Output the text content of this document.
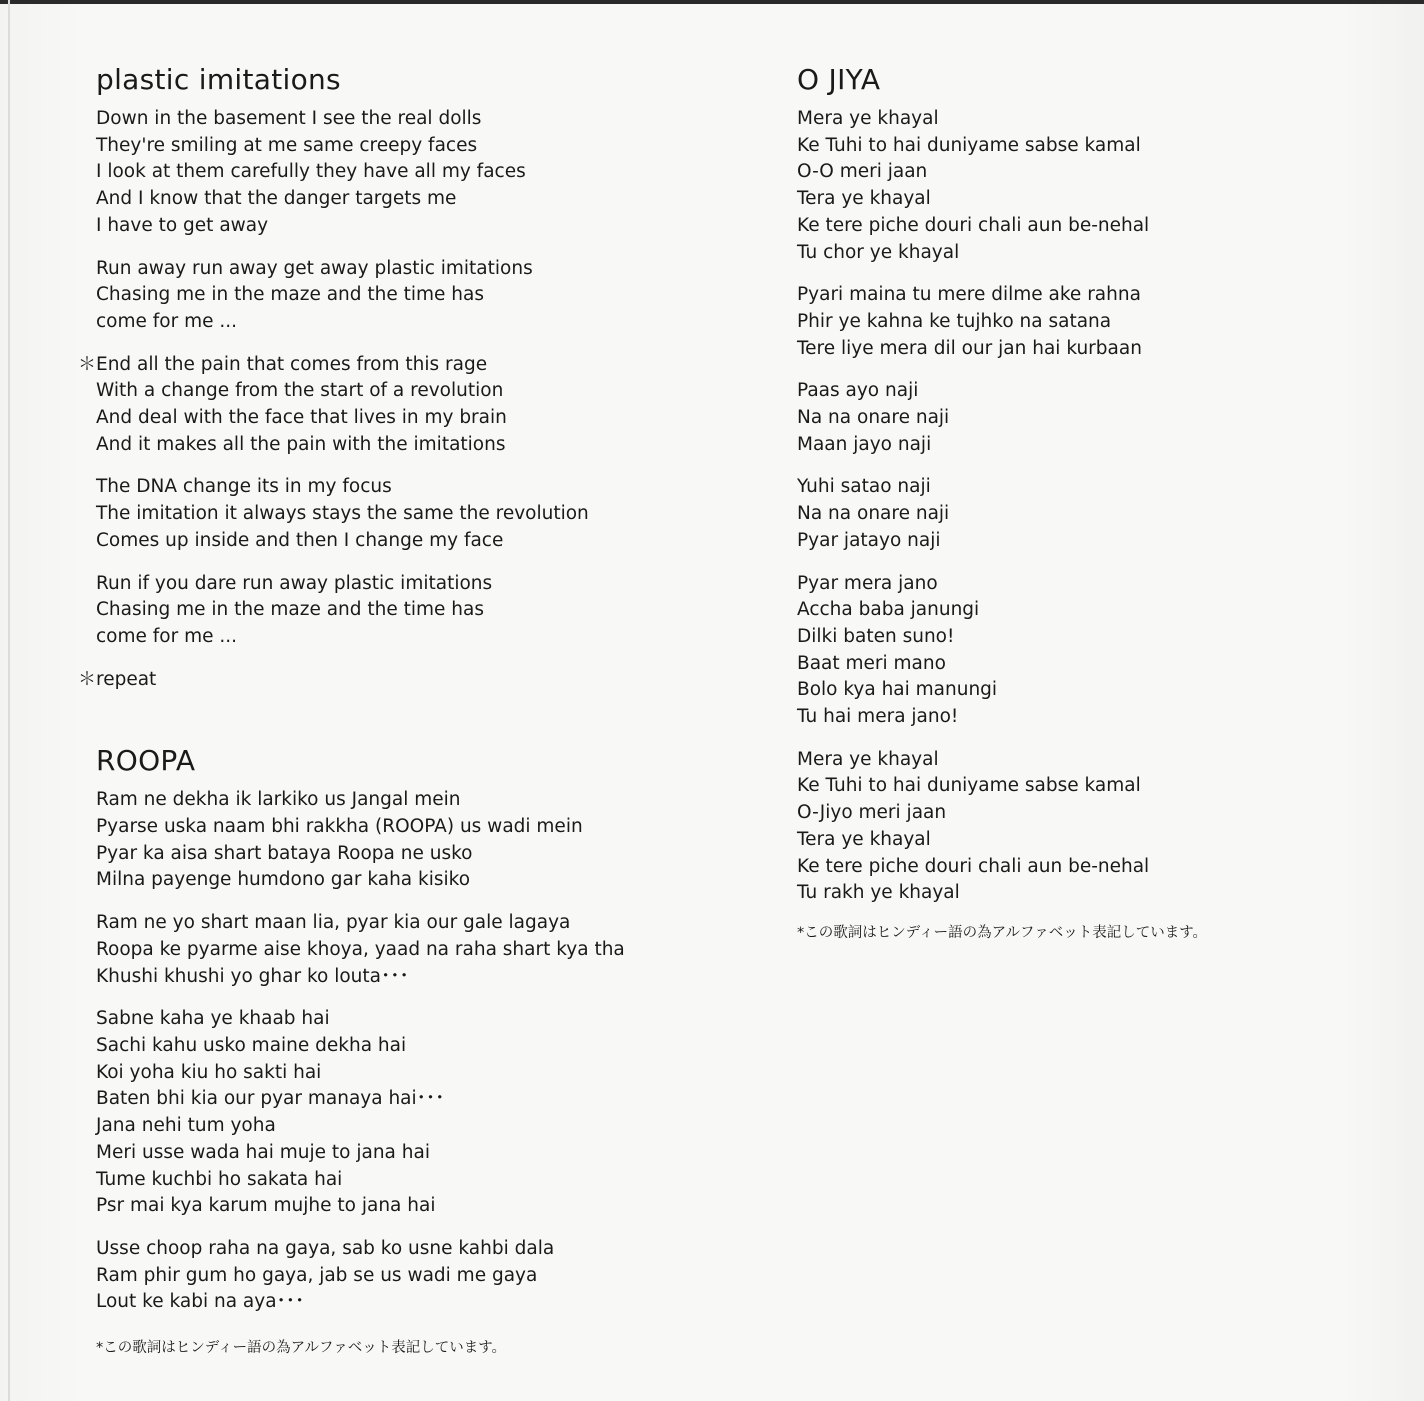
plastic imitations
Down in the basement I see the real dolls
They're smiling at me same creepy faces
I look at them carefully they have all my faces
And I know that the danger targets me
I have to get away
Run away run away get away plastic imitations
Chasing me in the maze and the time has
come for me ...
＊ End all the pain that comes from this rage
With a change from the start of a revolution
And deal with the face that lives in my brain
And it makes all the pain with the imitations
The DNA change its in my focus
The imitation it always stays the same the revolution
Comes up inside and then I change my face
Run if you dare run away plastic imitations
Chasing me in the maze and the time has
come for me ...
＊ repeat
ROOPA
Ram ne dekha ik larkiko us Jangal mein
Pyarse uska naam bhi rakkha (ROOPA) us wadi mein
Pyar ka aisa shart bataya Roopa ne usko
Milna payenge humdono gar kaha kisiko
Ram ne yo shart maan lia, pyar kia our gale lagaya
Roopa ke pyarme aise khoya, yaad na raha shart kya tha
Khushi khushi yo ghar ko louta･･･
Sabne kaha ye khaab hai
Sachi kahu usko maine dekha hai
Koi yoha kiu ho sakti hai
Baten bhi kia our pyar manaya hai･･･
Jana nehi tum yoha
Meri usse wada hai muje to jana hai
Tume kuchbi ho sakata hai
Psr mai kya karum mujhe to jana hai
Usse choop raha na gaya, sab ko usne kahbi dala
Ram phir gum ho gaya, jab se us wadi me gaya
Lout ke kabi na aya･･･
*この歌詞はヒンディー語の為アルファベット表記しています。
O JIYA
Mera ye khayal
Ke Tuhi to hai duniyame sabse kamal
O-O meri jaan
Tera ye khayal
Ke tere piche douri chali aun be-nehal
Tu chor ye khayal
Pyari maina tu mere dilme ake rahna
Phir ye kahna ke tujhko na satana
Tere liye mera dil our jan hai kurbaan
Paas ayo naji
Na na onare naji
Maan jayo naji
Yuhi satao naji
Na na onare naji
Pyar jatayo naji
Pyar mera jano
Accha baba janungi
Dilki baten suno!
Baat meri mano
Bolo kya hai manungi
Tu hai mera jano!
Mera ye khayal
Ke Tuhi to hai duniyame sabse kamal
O-Jiyo meri jaan
Tera ye khayal
Ke tere piche douri chali aun be-nehal
Tu rakh ye khayal
*この歌詞はヒンディー語の為アルファベット表記しています。
